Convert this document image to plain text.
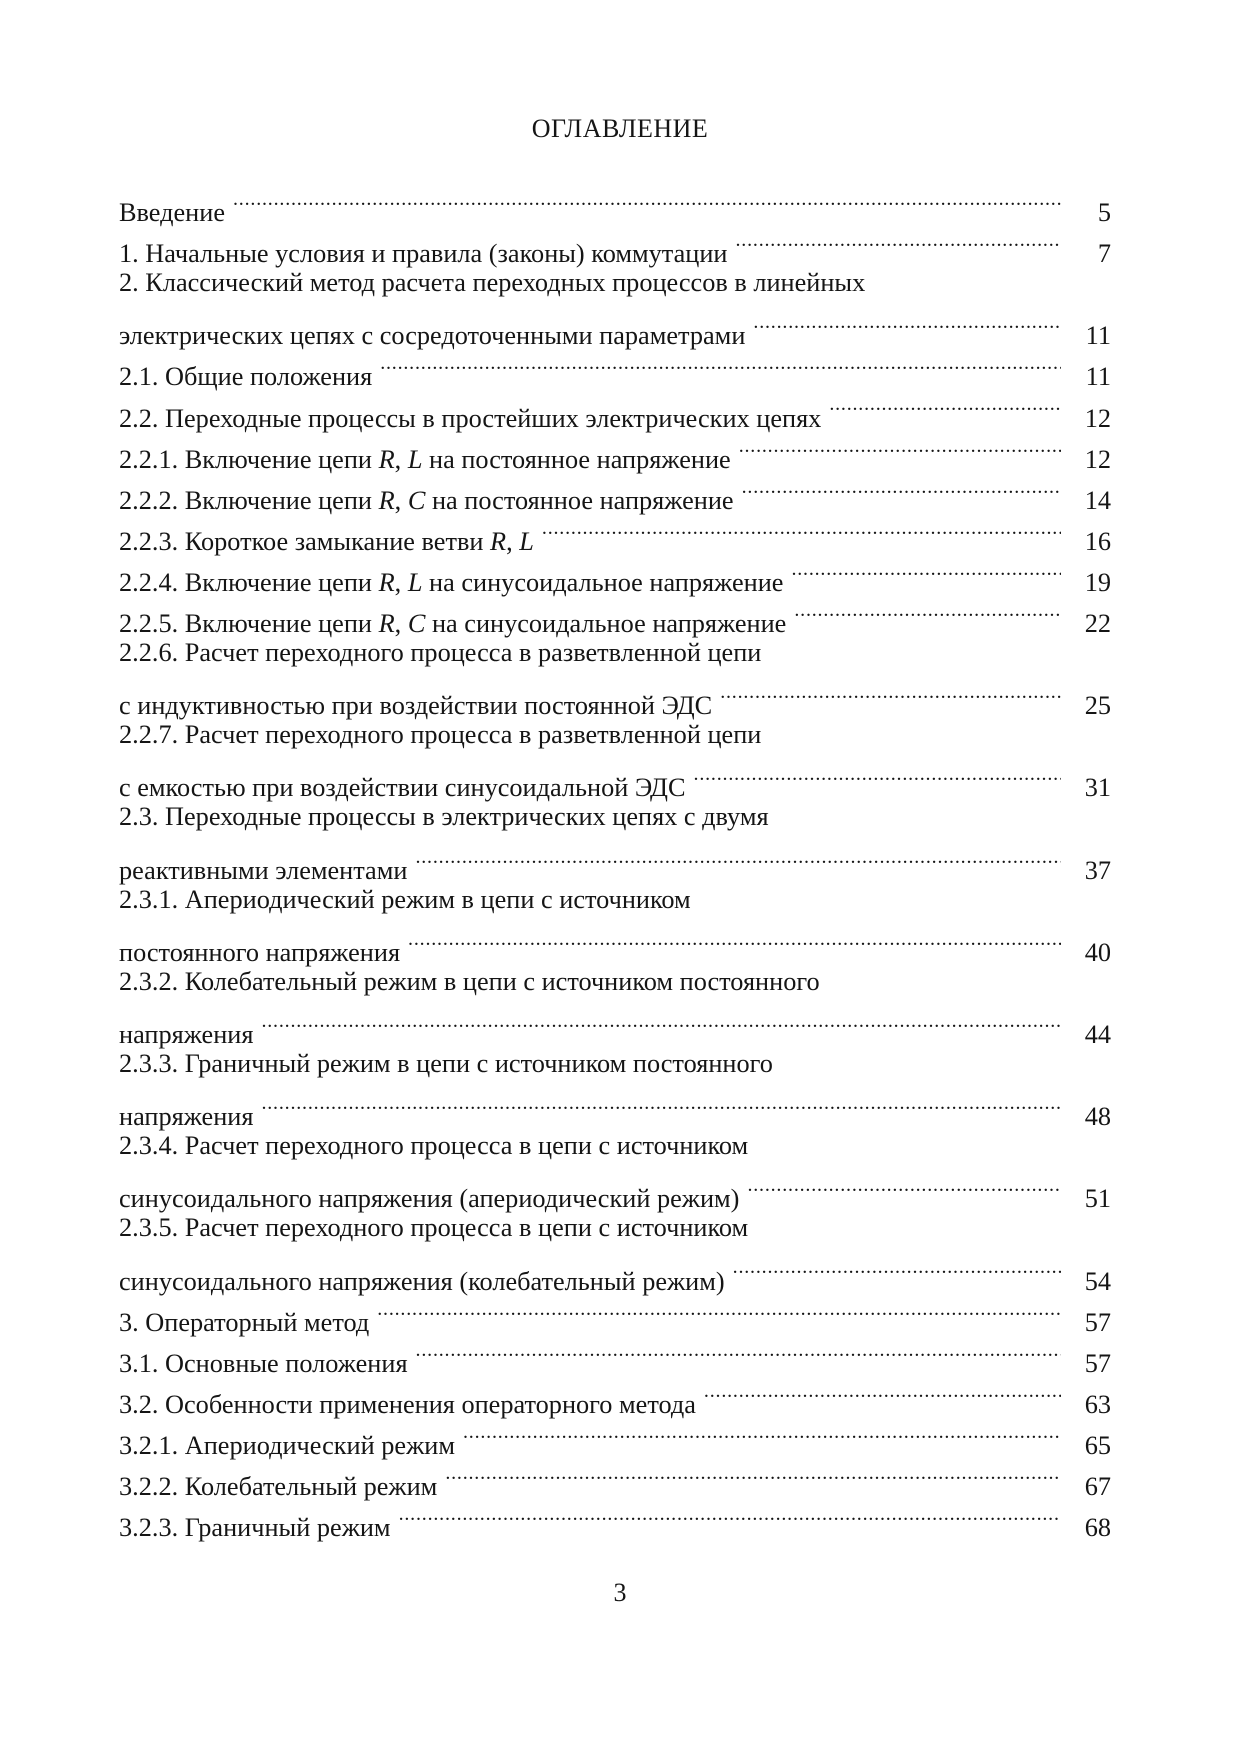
ОГЛАВЛЕНИЕ
Введение .....	5
1. Начальные условия и правила (законы) коммутации .....	7
2. Классический метод расчета переходных процессов в линейных
электрических цепях с сосредоточенными параметрами .....	11
2.1. Общие положения .....	11
2.2. Переходные процессы в простейших электрических цепях .....	12
2.2.1. Включение цепи R, L на постоянное напряжение .....	12
2.2.2. Включение цепи R, C на постоянное напряжение .....	14
2.2.3. Короткое замыкание ветви R, L .....	16
2.2.4. Включение цепи R, L на синусоидальное напряжение .....	19
2.2.5. Включение цепи R, C на синусоидальное напряжение .....	22
2.2.6. Расчет переходного процесса в разветвленной цепи
с индуктивностью при воздействии постоянной ЭДС .....	25
2.2.7. Расчет переходного процесса в разветвленной цепи
с емкостью при воздействии синусоидальной ЭДС .....	31
2.3. Переходные процессы в электрических цепях с двумя
реактивными элементами .....	37
2.3.1. Апериодический режим в цепи с источником
постоянного напряжения .....	40
2.3.2. Колебательный режим в цепи с источником постоянного
напряжения .....	44
2.3.3. Граничный режим в цепи с источником постоянного
напряжения .....	48
2.3.4. Расчет переходного процесса в цепи с источником
синусоидального напряжения (апериодический режим) .....	51
2.3.5. Расчет переходного процесса в цепи с источником
синусоидального напряжения (колебательный режим) .....	54
3. Операторный метод .....	57
3.1. Основные положения .....	57
3.2. Особенности применения операторного метода .....	63
3.2.1. Апериодический режим .....	65
3.2.2. Колебательный режим .....	67
3.2.3. Граничный режим .....	68
3
